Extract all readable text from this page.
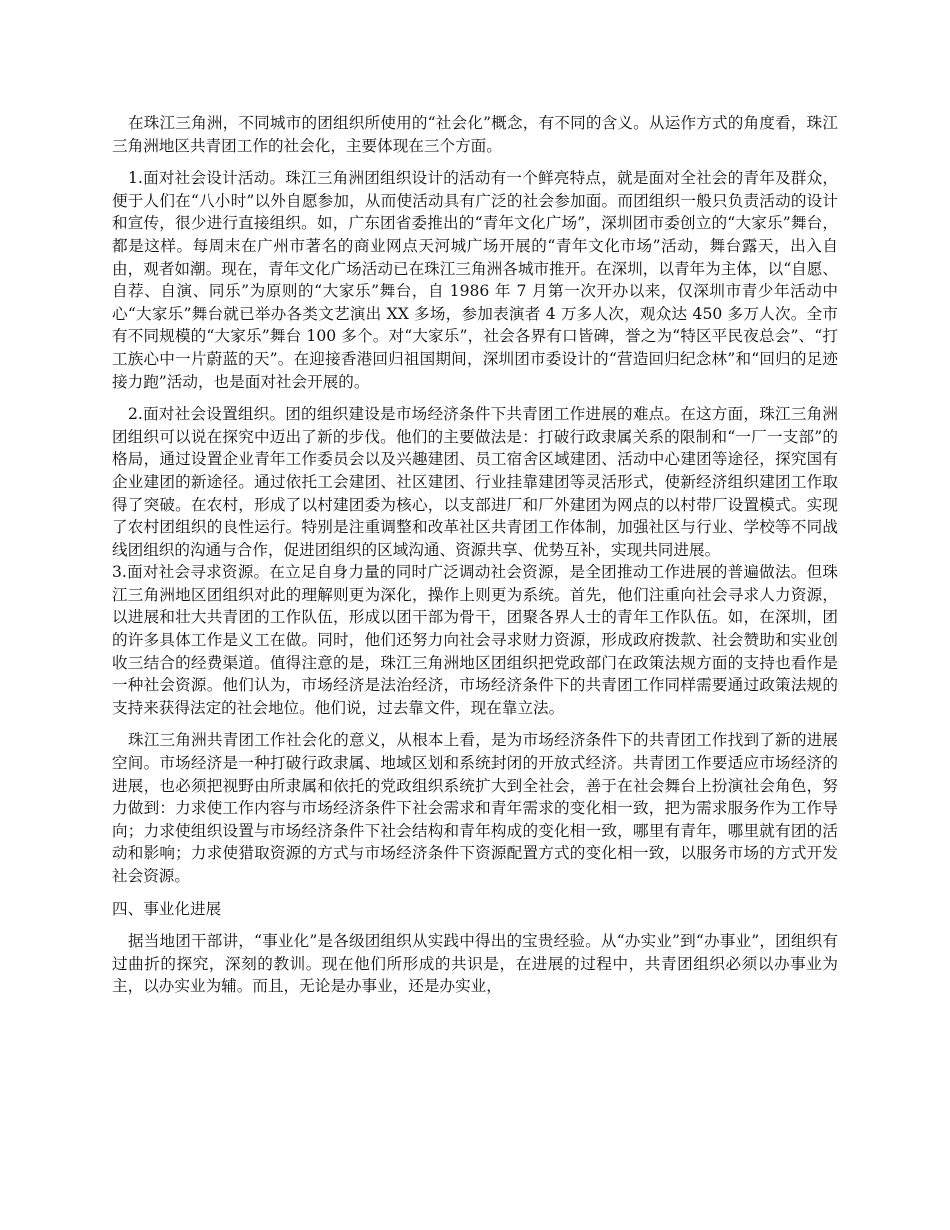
在珠江三角洲，不同城市的团组织所使用的“社会化”概念，有不同的含义。从运作方式的角度看，珠江三角洲地区共青团工作的社会化，主要体现在三个方面。

1.面对社会设计活动。珠江三角洲团组织设计的活动有一个鲜亮特点，就是面对全社会的青年及群众，便于人们在“八小时”以外自愿参加，从而使活动具有广泛的社会参加面。而团组织一般只负责活动的设计和宣传，很少进行直接组织。如，广东团省委推出的“青年文化广场”，深圳团市委创立的“大家乐”舞台，都是这样。每周末在广州市著名的商业网点天河城广场开展的“青年文化市场”活动，舞台露天，出入自由，观者如潮。现在，青年文化广场活动已在珠江三角洲各城市推开。在深圳，以青年为主体，以“自愿、自荐、自演、同乐”为原则的“大家乐”舞台，自 1986 年 7 月第一次开办以来，仅深圳市青少年活动中心“大家乐”舞台就已举办各类文艺演出 XX 多场，参加表演者 4 万多人次，观众达 450 多万人次。全市有不同规模的“大家乐”舞台 100 多个。对“大家乐”，社会各界有口皆碑，誉之为“特区平民夜总会”、“打工族心中一片蔚蓝的天”。在迎接香港回归祖国期间，深圳团市委设计的“营造回归纪念林”和“回归的足迹接力跑”活动，也是面对社会开展的。

2.面对社会设置组织。团的组织建设是市场经济条件下共青团工作进展的难点。在这方面，珠江三角洲团组织可以说在探究中迈出了新的步伐。他们的主要做法是：打破行政隶属关系的限制和“一厂一支部”的格局，通过设置企业青年工作委员会以及兴趣建团、员工宿舍区域建团、活动中心建团等途径，探究国有企业建团的新途径。通过依托工会建团、社区建团、行业挂靠建团等灵活形式，使新经济组织建团工作取得了突破。在农村，形成了以村建团委为核心，以支部进厂和厂外建团为网点的以村带厂设置模式。实现了农村团组织的良性运行。特别是注重调整和改革社区共青团工作体制，加强社区与行业、学校等不同战线团组织的沟通与合作，促进团组织的区域沟通、资源共享、优势互补，实现共同进展。

3.面对社会寻求资源。在立足自身力量的同时广泛调动社会资源，是全团推动工作进展的普遍做法。但珠江三角洲地区团组织对此的理解则更为深化，操作上则更为系统。首先，他们注重向社会寻求人力资源，以进展和壮大共青团的工作队伍，形成以团干部为骨干，团聚各界人士的青年工作队伍。如，在深圳，团的许多具体工作是义工在做。同时，他们还努力向社会寻求财力资源，形成政府拨款、社会赞助和实业创收三结合的经费渠道。值得注意的是，珠江三角洲地区团组织把党政部门在政策法规方面的支持也看作是一种社会资源。他们认为，市场经济是法治经济，市场经济条件下的共青团工作同样需要通过政策法规的支持来获得法定的社会地位。他们说，过去靠文件，现在靠立法。

珠江三角洲共青团工作社会化的意义，从根本上看，是为市场经济条件下的共青团工作找到了新的进展空间。市场经济是一种打破行政隶属、地域区划和系统封闭的开放式经济。共青团工作要适应市场经济的进展，也必须把视野由所隶属和依托的党政组织系统扩大到全社会，善于在社会舞台上扮演社会角色，努力做到：力求使工作内容与市场经济条件下社会需求和青年需求的变化相一致，把为需求服务作为工作导向；力求使组织设置与市场经济条件下社会结构和青年构成的变化相一致，哪里有青年，哪里就有团的活动和影响；力求使猎取资源的方式与市场经济条件下资源配置方式的变化相一致，以服务市场的方式开发社会资源。

四、事业化进展

据当地团干部讲，“事业化”是各级团组织从实践中得出的宝贵经验。从“办实业”到“办事业”，团组织有过曲折的探究，深刻的教训。现在他们所形成的共识是，在进展的过程中，共青团组织必须以办事业为主，以办实业为辅。而且，无论是办事业，还是办实业，
